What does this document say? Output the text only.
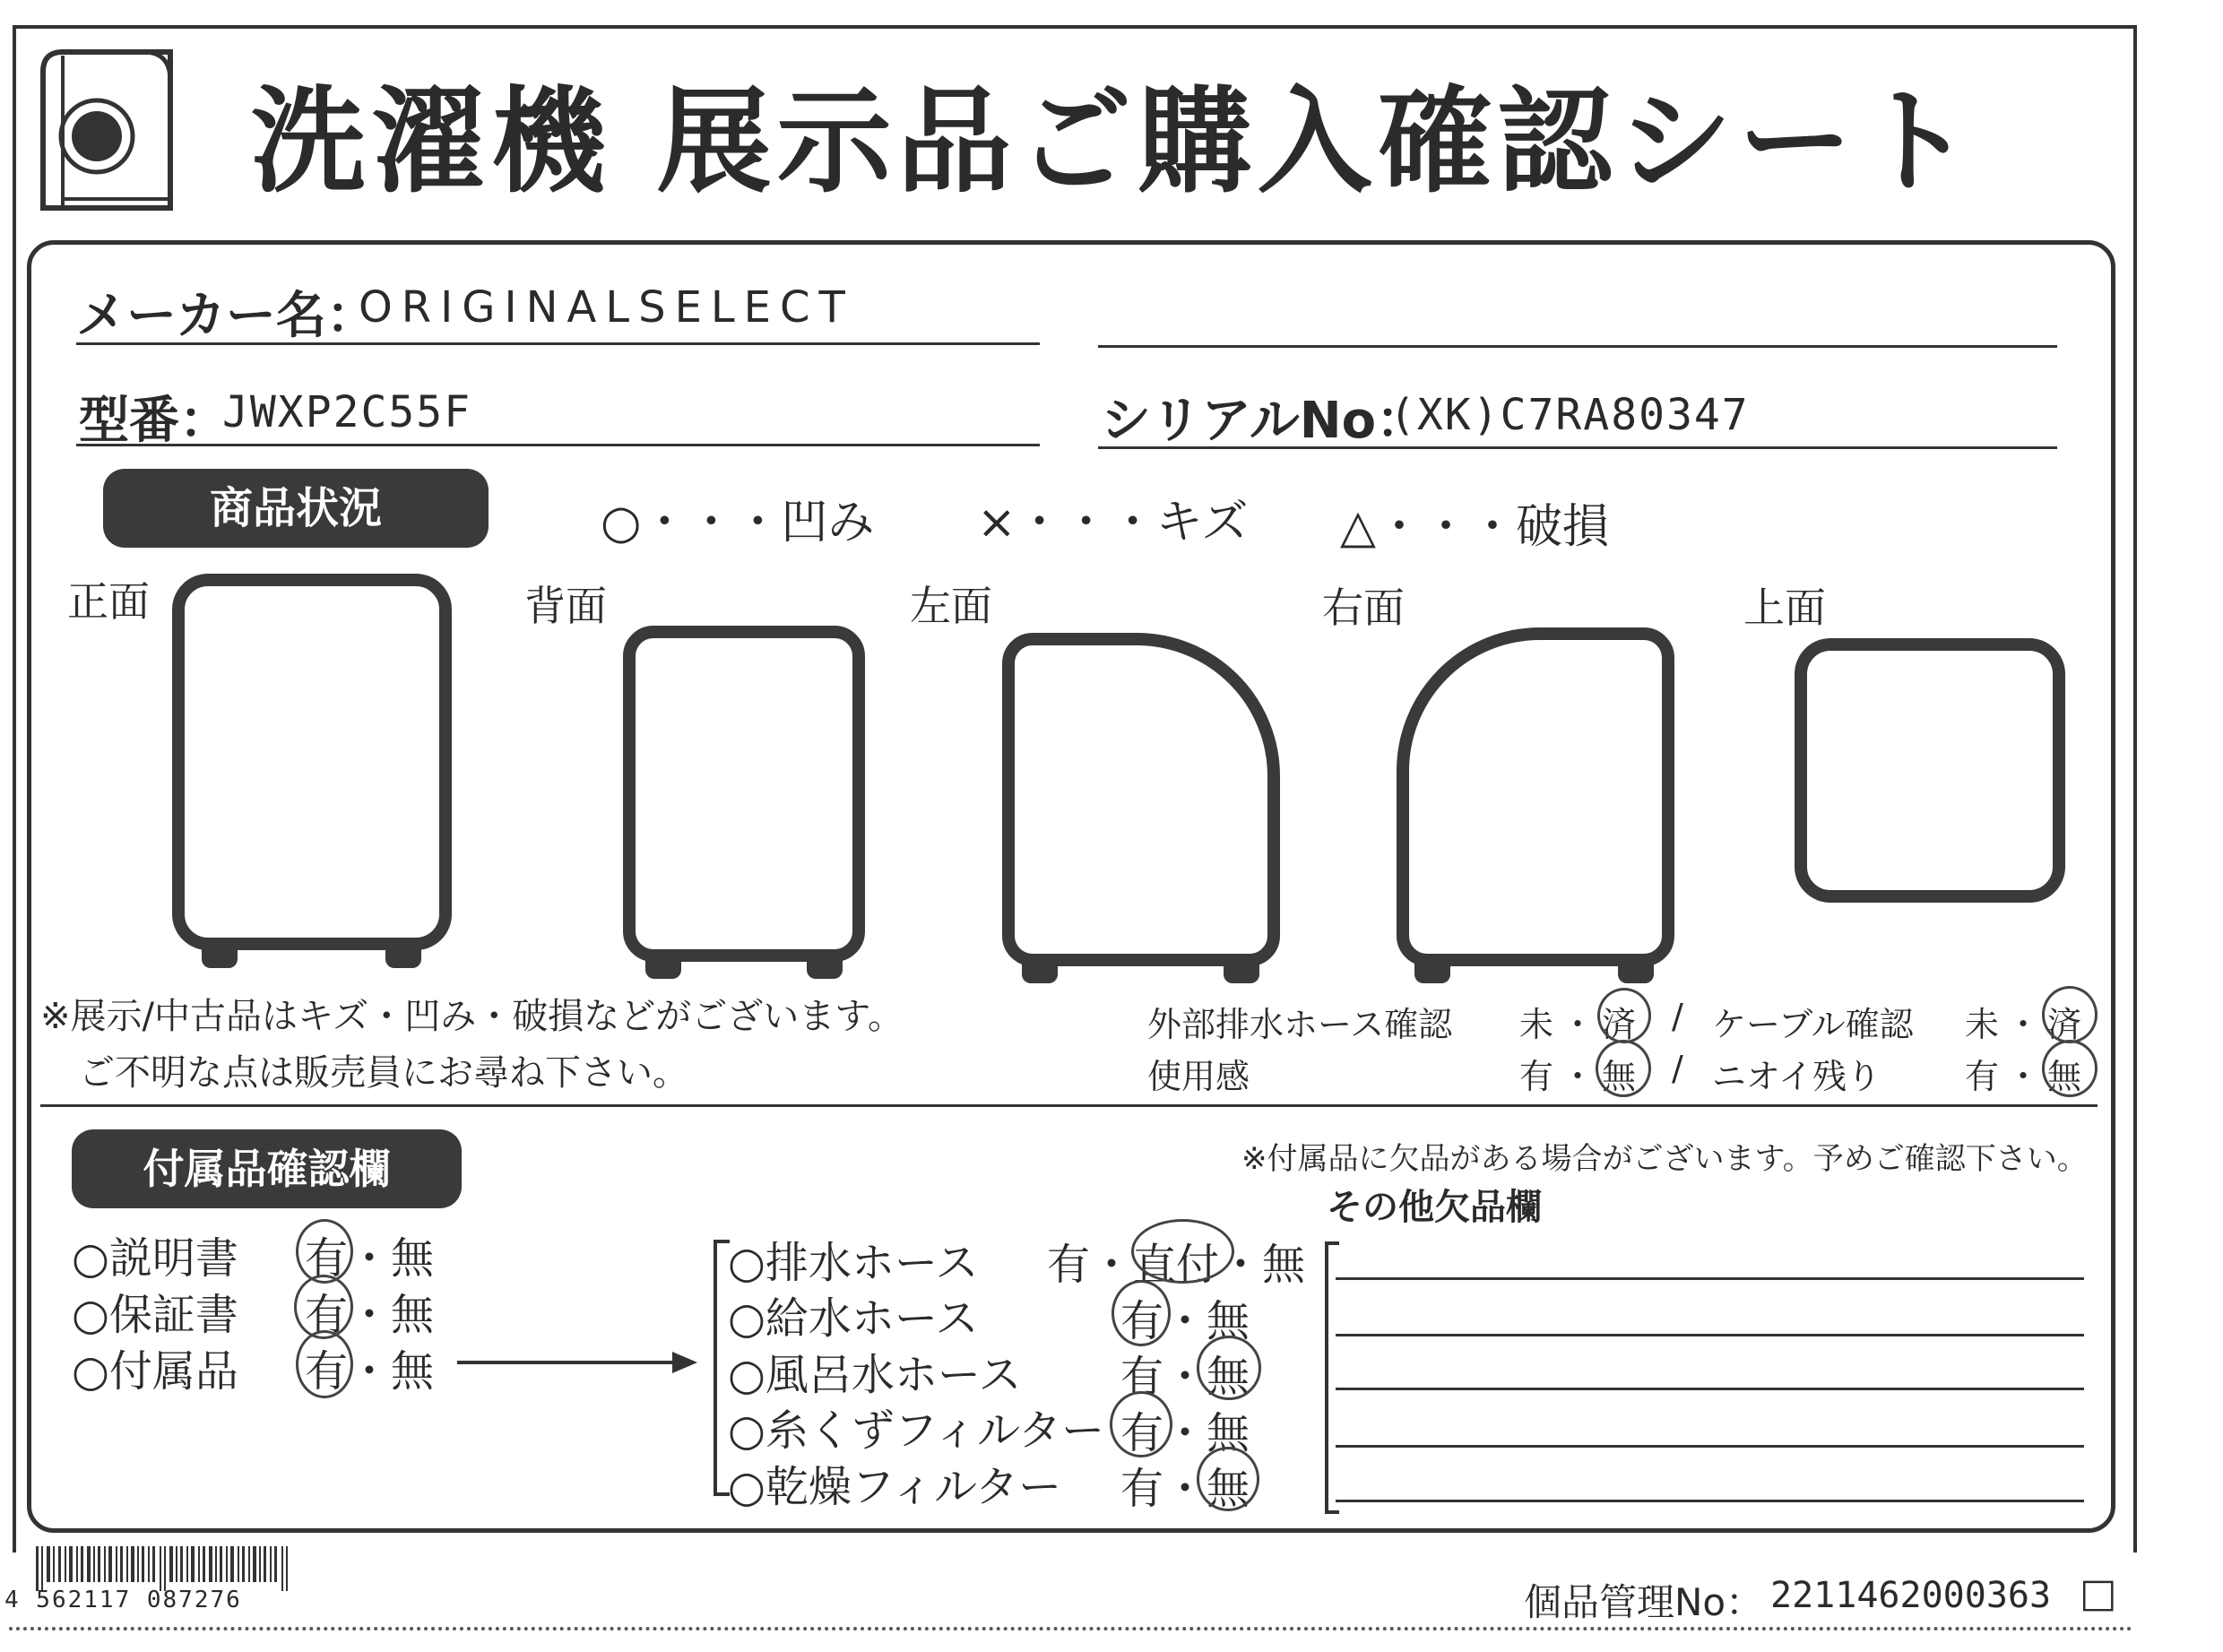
洗濯機 展示品ご購入確認シート
メーカー名：
ORIGINALSELECT
型番：
JWXP2C55F	シリアルNo：
(XK)C7RA80347
商品状況	○・・・凹み ×・・・キズ △・・・破損
正面	背面	左面	右面	上面
※展示/中古品はキズ・凹み・破損などがございます。
ご不明な点は販売員にお尋ね下さい。
外部排水ホース確認 未・済 / ケーブル確認 未・済
使用感	有・無 / ニオイ残り 有・無
付属品確認欄	※付属品に欠品がある場合がございます。予めご確認下さい。
その他欠品欄
○説明書 有・無
○保証書 有・無
○付属品 有・無
○排水ホース 有・直付・無
○給水ホース	有・無
○風呂水ホース 有・無
○糸くずフィルター 有・無
○乾燥フィルター 有・無
4 562117 087276	個品管理No： 2211462000363 □
